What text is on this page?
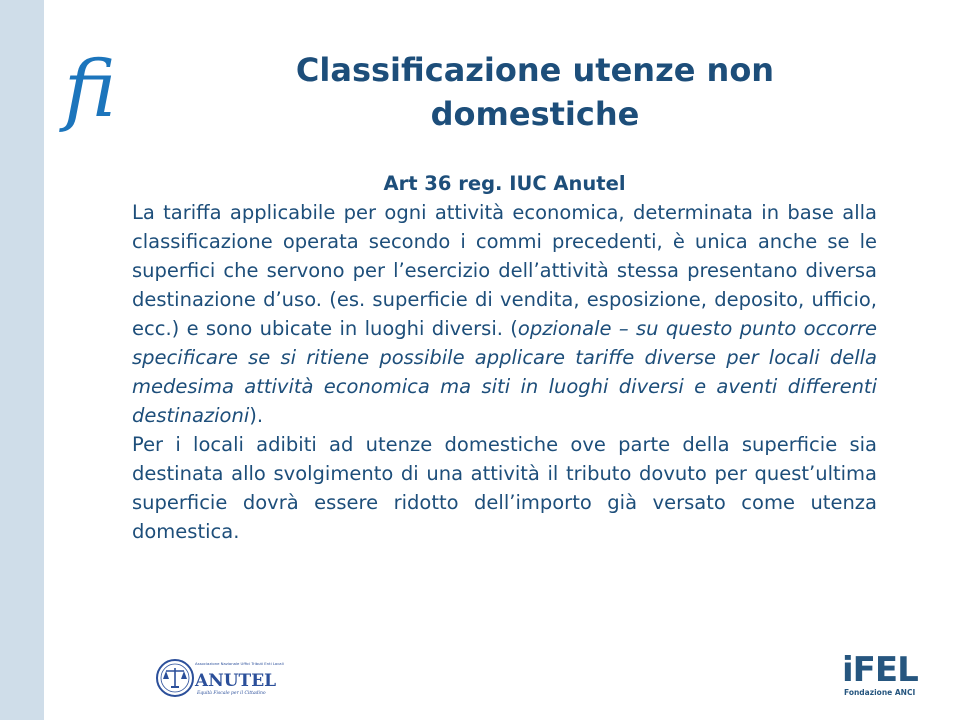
fi	Classificazione utenze non domestiche
Art 36 reg. IUC Anutel

La tariffa applicabile per ogni attività economica, determinata in base alla classificazione operata secondo i commi precedenti, è unica anche se le superfici che servono per l’esercizio dell’attività stessa presentano diversa destinazione d’uso. (es. superficie di vendita, esposizione, deposito, ufficio, ecc.) e sono ubicate in luoghi diversi. (opzionale – su questo punto occorre specificare se si ritiene possibile applicare tariffe diverse per locali della medesima attività economica ma siti in luoghi diversi e aventi differenti destinazioni).

Per i locali adibiti ad utenze domestiche ove parte della superficie sia destinata allo svolgimento di una attività il tributo dovuto per quest’ultima superficie dovrà essere ridotto dell’importo già versato come utenza domestica.

Associazione Nazionale Uffici Tributi Enti Locali
ANUTEL
Equità Fiscale per il Cittadino
iFEL
Fondazione ANCI
